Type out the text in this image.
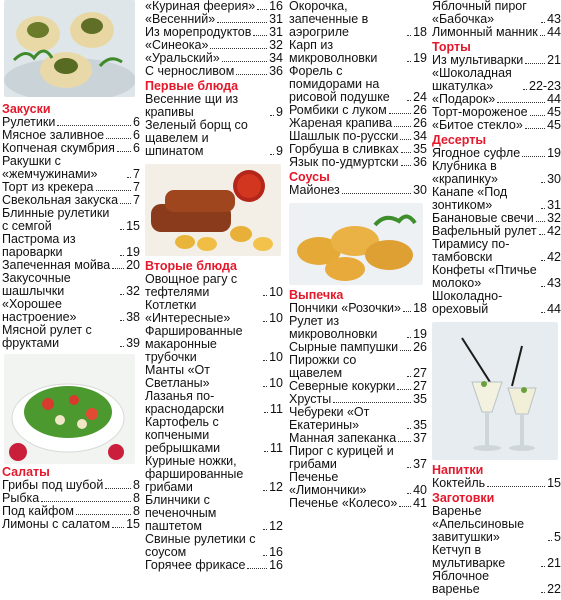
Закуски
Рулетики	6
Мясное заливное 6
Копченая скумбрия 6
Ракушки с «жемчужинами»	7
Торт из крекера	7
Свекольная закуска 7
Блинные рулетики с семгой	15
Пастрома из пароварки	19
Запеченная мойва 20
Закусочные шашлычки	32
«Хорошее настроение»	38
Мясной рулет с фруктами	39
Салаты
Грибы под шубой 8
Рыбка	8
Под кайфом	8
Лимоны с салатом 15
«Куриная феерия» 16
«Весенний»	31
Из морепродуктов 31
«Синеока»	32
«Уральский»	34
С черносливом	36
Первые блюда
Весенние щи из крапивы	9
Зеленый борщ со щавелем и шпинатом	9
Вторые блюда
Овощное рагу с тефтелями	10
Котлетки «Интересные»	10
Фаршированные макаронные трубочки	10
Манты «От Светланы»	10
Лазанья по-краснодарски	11
Картофель с копчеными ребрышками	11
Куриные ножки, фаршированные грибами	12
Блинчики с печеночным паштетом	12
Свиные рулетики с соусом	16
Горячее фрикасе 16
Окорочка, запеченные в аэрогриле	18
Карп из микроволновки	19
Форель с помидорами на рисовой подушке	24
Ромбики с луком 26
Жареная крапива 26
Шашлык по-русски 34
Горбуша в сливках 35
Язык по-удмуртски 36
Соусы
Майонез	30
Выпечка
Пончики «Розочки» 18
Рулет из микроволновки	19
Сырные пампушки 26
Пирожки со щавелем	27
Северные кокурки 27
Хрусты	35
Чебуреки «От Екатерины»	35
Манная запеканка 37
Пирог с курицей и грибами	37
Печенье «Лимончики»	40
Печенье «Колесо» 41
Яблочный пирог «Бабочка»	43
Лимонный манник 44
Торты
Из мультиварки 21
«Шоколадная шкатулка»	22-23
«Подарок»	44
Торт-мороженое 45
«Битое стекло» 45
Десерты
Ягодное суфле 19
Клубника в «крапинку»	30
Канапе «Под зонтиком»	31
Банановые свечи 32
Вафельный рулет 42
Тирамису по-тамбовски	42
Конфеты «Птичье молоко»	43
Шоколадно-ореховый	44
Напитки
Коктейль	15
Заготовки
Варенье «Апельсиновые завитушки»	5
Кетчуп в мультиварке	21
Яблочное варенье	22
